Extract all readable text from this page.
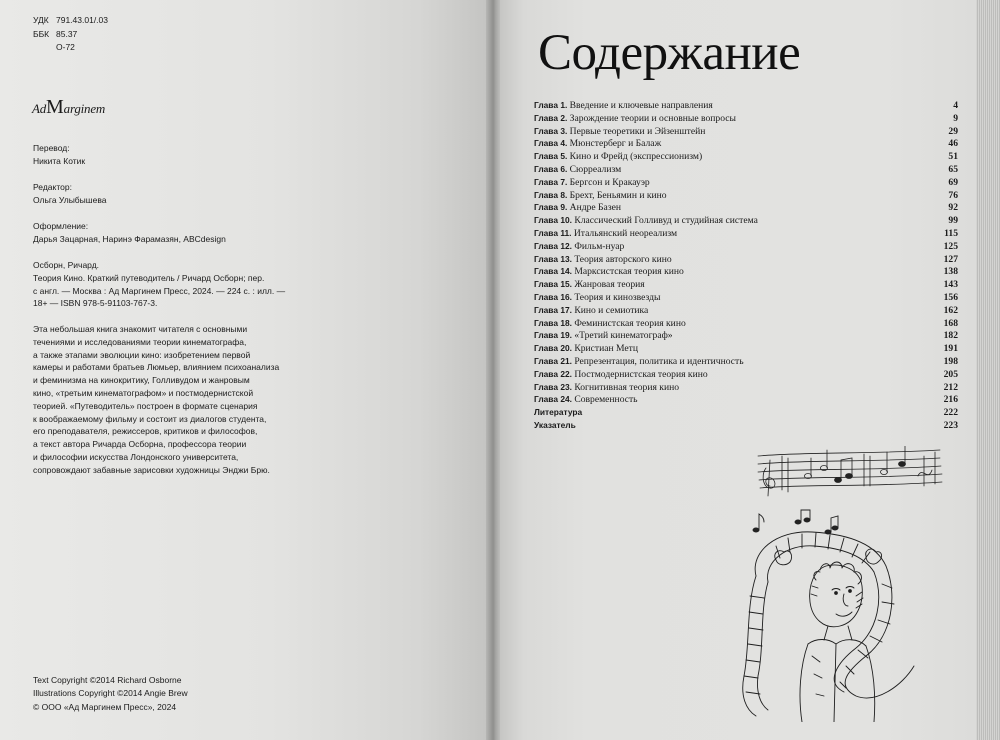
УДК 791.43.01/.03
ББК 85.37
О-72
AdMarginem
Перевод:
Никита Котик
Редактор:
Ольга Улыбышева
Оформление:
Дарья Зацарная, Наринэ Фарамазян, ABCdesign
Осборн, Ричард.
Теория Кино. Краткий путеводитель / Ричард Осборн; пер.
с англ. — Москва : Ад Маргинем Пресс, 2024. — 224 с. : илл. —
18+ — ISBN 978-5-91103-767-3.
Эта небольшая книга знакомит читателя с основными
течениями и исследованиями теории кинематографа,
а также этапами эволюции кино: изобретением первой
камеры и работами братьев Люмьер, влиянием психоанализа
и феминизма на кинокритику, Голливудом и жанровым
кино, «третьим кинематографом» и постмодернистской
теорией. «Путеводитель» построен в формате сценария
к воображаемому фильму и состоит из диалогов студента,
его преподавателя, режиссеров, критиков и философов,
а текст автора Ричарда Осборна, профессора теории
и философии искусства Лондонского университета,
сопровождают забавные зарисовки художницы Энджи Брю.
Text Copyright ©2014 Richard Osborne
Illustrations Copyright ©2014 Angie Brew
© ООО «Ад Маргинем Пресс», 2024
Содержание
Глава 1. Введение и ключевые направления	4
Глава 2. Зарождение теории и основные вопросы	9
Глава 3. Первые теоретики и Эйзенштейн	29
Глава 4. Мюнстерберг и Балаж	46
Глава 5. Кино и Фрейд (экспрессионизм)	51
Глава 6. Сюрреализм	65
Глава 7. Бергсон и Кракауэр	69
Глава 8. Брехт, Беньямин и кино	76
Глава 9. Андре Базен	92
Глава 10. Классический Голливуд и студийная система	99
Глава 11. Итальянский неореализм	115
Глава 12. Фильм-нуар	125
Глава 13. Теория авторского кино	127
Глава 14. Марксистская теория кино	138
Глава 15. Жанровая теория	143
Глава 16. Теория и кинозвезды	156
Глава 17. Кино и семиотика	162
Глава 18. Феминистская теория кино	168
Глава 19. «Третий кинематограф»	182
Глава 20. Кристиан Метц	191
Глава 21. Репрезентация, политика и идентичность	198
Глава 22. Постмодернистская теория кино	205
Глава 23. Когнитивная теория кино	212
Глава 24. Современность	216
Литература	222
Указатель	223
